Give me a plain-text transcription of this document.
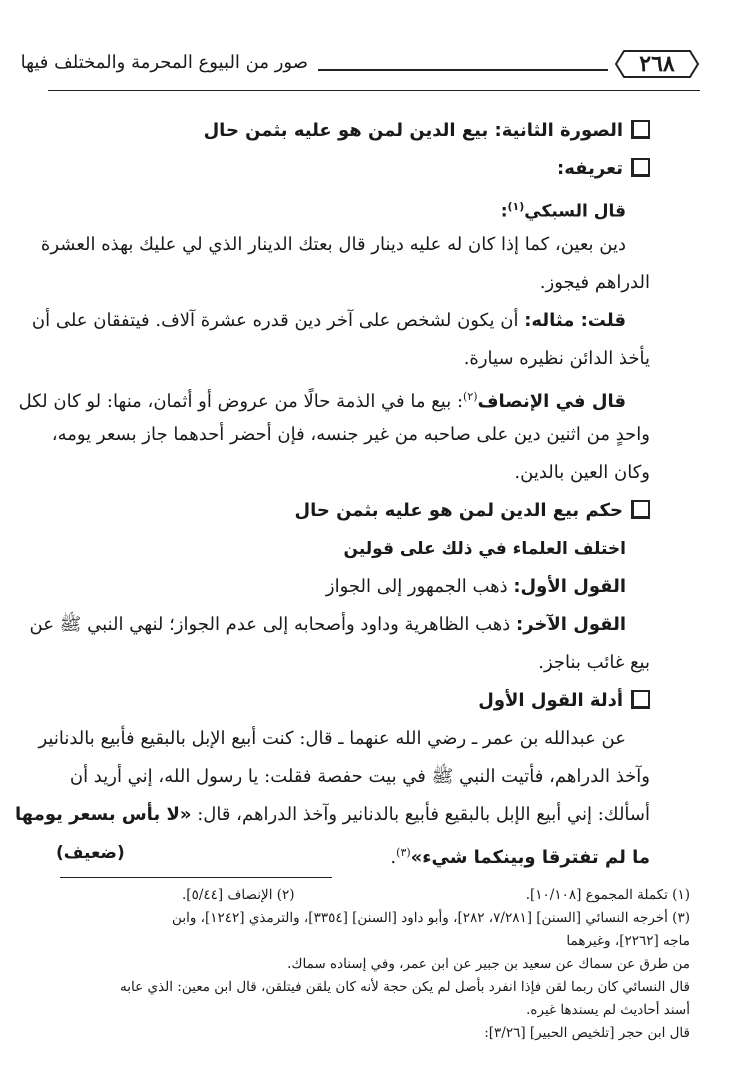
٢٦٨
صور من البيوع المحرمة والمختلف فيها
الصورة الثانية: بيع الدين لمن هو عليه بثمن حال
تعريفه:
قال السبكي$^{(١)}$:
دين بعين، كما إذا كان له عليه دينار قال بعتك الدينار الذي لي عليك بهذه العشرة
الدراهم فيجوز.
قلت: مثاله: أن يكون لشخص على آخر دين قدره عشرة آلاف. فيتفقان على أن
يأخذ الدائن نظيره سيارة.
قال في الإنصاف$^{(٢)}$: بيع ما في الذمة حالًا من عروض أو أثمان، منها: لو كان لكل
واحدٍ من اثنين دين على صاحبه من غير جنسه، فإن أحضر أحدهما جاز بسعر يومه،
وكان العين بالدين.
حكم بيع الدين لمن هو عليه بثمن حال
اختلف العلماء في ذلك على قولين
القول الأول: ذهب الجمهور إلى الجواز
القول الآخر: ذهب الظاهرية وداود وأصحابه إلى عدم الجواز؛ لنهي النبي ﷺ عن
بيع غائب بناجز.
أدلة القول الأول
عن عبدالله بن عمر ـ رضي الله عنهما ـ قال: كنت أبيع الإبل بالبقيع فأبيع بالدنانير
وآخذ الدراهم، فأتيت النبي ﷺ في بيت حفصة فقلت: يا رسول الله، إني أريد أن
أسألك: إني أبيع الإبل بالبقيع فأبيع بالدنانير وآخذ الدراهم، قال: «لا بأس بسعر يومها
ما لم تفترقا وبينكما شيء»$^{(٣)}$.
(ضعيف)
(١) تكملة المجموع [١٠/١٠٨].
(٢) الإنصاف [٥/٤٤].
(٣) أخرجه النسائي [السنن] [٧/٢٨١، ٢٨٢]، وأبو داود [السنن] [٣٣٥٤]، والترمذي [١٢٤٢]، وابن
ماجه [٢٢٦٢]، وغيرهما
من طرق عن سماك عن سعيد بن جبير عن ابن عمر، وفي إسناده سماك.
قال النسائي كان ربما لقن فإذا انفرد بأصل لم يكن حجة لأنه كان يلقن فيتلقن، قال ابن معين: الذي عابه
أسند أحاديث لم يسندها غيره.
قال ابن حجر [تلخيص الحبير] [٣/٢٦]:
